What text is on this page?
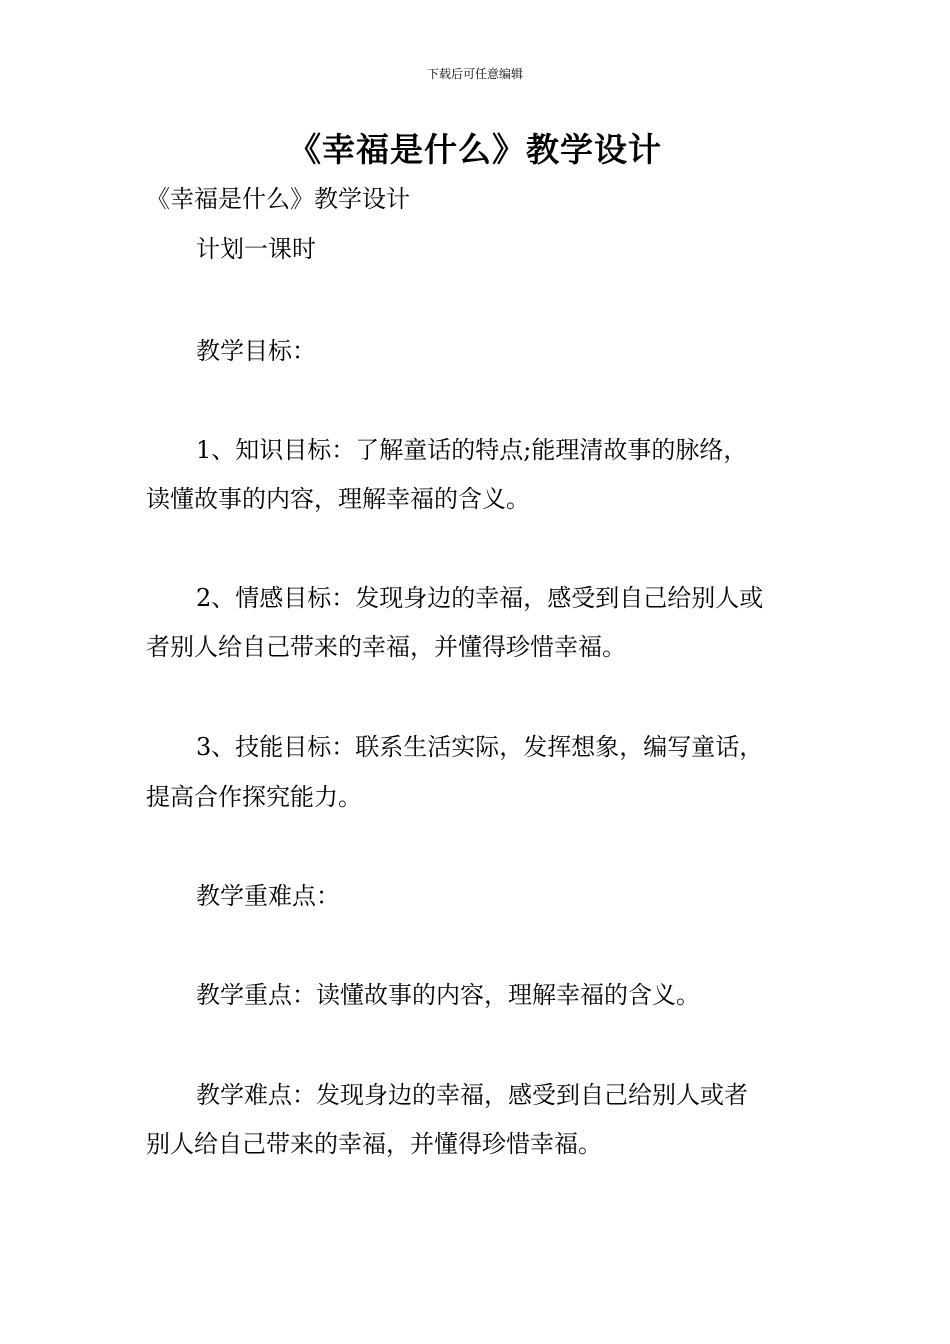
下载后可任意编辑
《幸福是什么》教学设计
《幸福是什么》教学设计
计划一课时
教学目标：
1、知识目标：了解童话的特点;能理清故事的脉络，
读懂故事的内容，理解幸福的含义。
2、情感目标：发现身边的幸福，感受到自己给别人或
者别人给自己带来的幸福，并懂得珍惜幸福。
3、技能目标：联系生活实际，发挥想象，编写童话，
提高合作探究能力。
教学重难点：
教学重点：读懂故事的内容，理解幸福的含义。
教学难点：发现身边的幸福，感受到自己给别人或者
别人给自己带来的幸福，并懂得珍惜幸福。
